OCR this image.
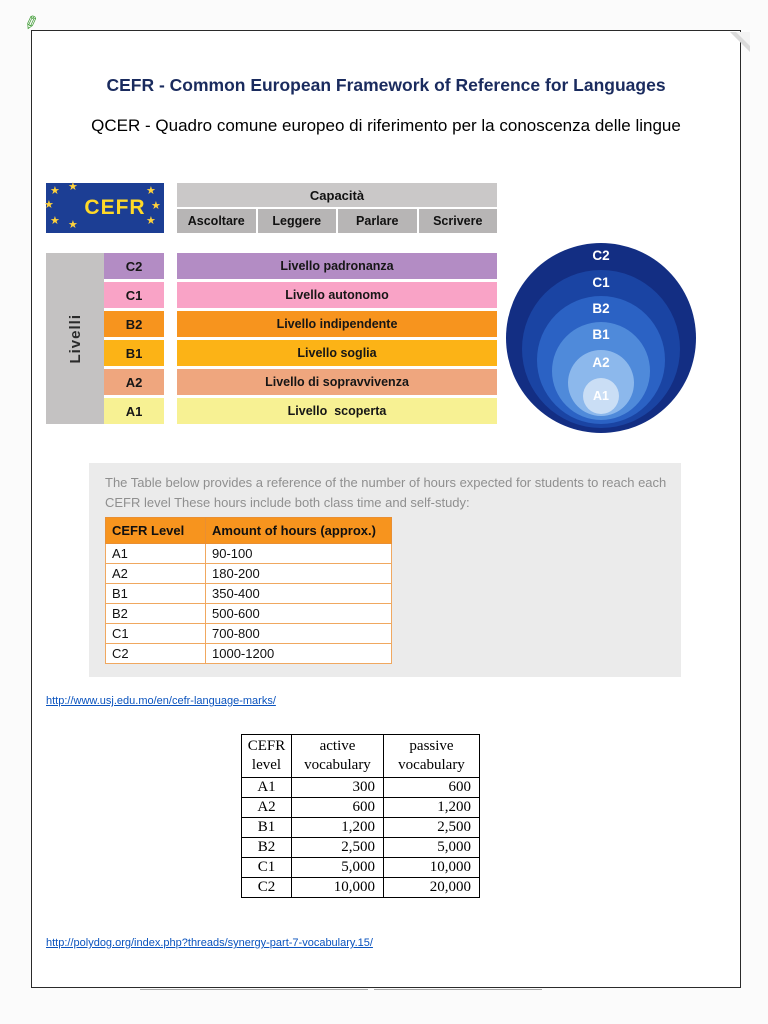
✎
CEFR - Common European Framework of Reference for Languages
QCER - Quadro comune europeo di riferimento per la conoscenza delle lingue
★
★
★
★
★
★
★
★
CEFR
Capacità
Ascoltare	Leggere	Parlare	Scrivere
Livelli
C2	Livello padronanza
C1	Livello autonomo
B2	Livello indipendente
B1	Livello soglia
A2	Livello di sopravvivenza
A1	Livello  scoperta
C2
C1
B2
B1
A2
A1

The Table below provides a reference of the number of hours expected for students to reach each CEFR level These hours include both class time and self-study:

CEFR Level	Amount of hours (approx.)
A1	90-100
A2	180-200
B1	350-400
B2	500-600
C1	700-800
C2	1000-1200
http://www.usj.edu.mo/en/cefr-language-marks/
CEFR level	active vocabulary	passive vocabulary
A1	300	600
A2	600	1,200
B1	1,200	2,500
B2	2,500	5,000
C1	5,000	10,000
C2	10,000	20,000
http://polydog.org/index.php?threads/synergy-part-7-vocabulary.15/
